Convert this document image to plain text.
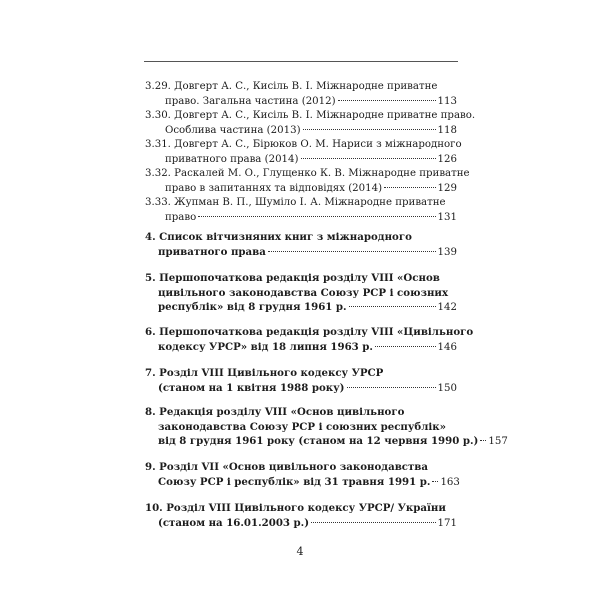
3.29. Довгерт А. С., Кисіль В. І. Міжнародне приватне
право. Загальна частина (2012)	113
3.30. Довгерт А. С., Кисіль В. І. Міжнародне приватне право.
Особлива частина (2013)	118
3.31. Довгерт А. С., Бірюков О. М. Нариси з міжнародного
приватного права (2014)	126
3.32. Раскалей М. О., Глущенко К. В. Міжнародне приватне
право в запитаннях та відповідях (2014)	129
3.33. Жупман В. П., Шуміло І. А. Міжнародне приватне
право	131
4. Список вітчизняних книг з міжнародного
приватного права	139
5. Першопочаткова редакція розділу VIII «Основ
цивільного законодавства Союзу РСР і союзних
республік» від 8 грудня 1961 р.	142
6. Першопочаткова редакція розділу VIII «Цивільного
кодексу УРСР» від 18 липня 1963 р.	146
7. Розділ VIII Цивільного кодексу УРСР
(станом на 1 квітня 1988 року)	150
8. Редакція розділу VIII «Основ цивільного
законодавства Союзу РСР і союзних республік»
від 8 грудня 1961 року (станом на 12 червня 1990 р.) 157
9. Розділ VII «Основ цивільного законодавства
Союзу РСР і республік» від 31 травня 1991 р. 163
10. Розділ VIII Цивільного кодексу УРСР/ України
(станом на 16.01.2003 р.)	171
4
